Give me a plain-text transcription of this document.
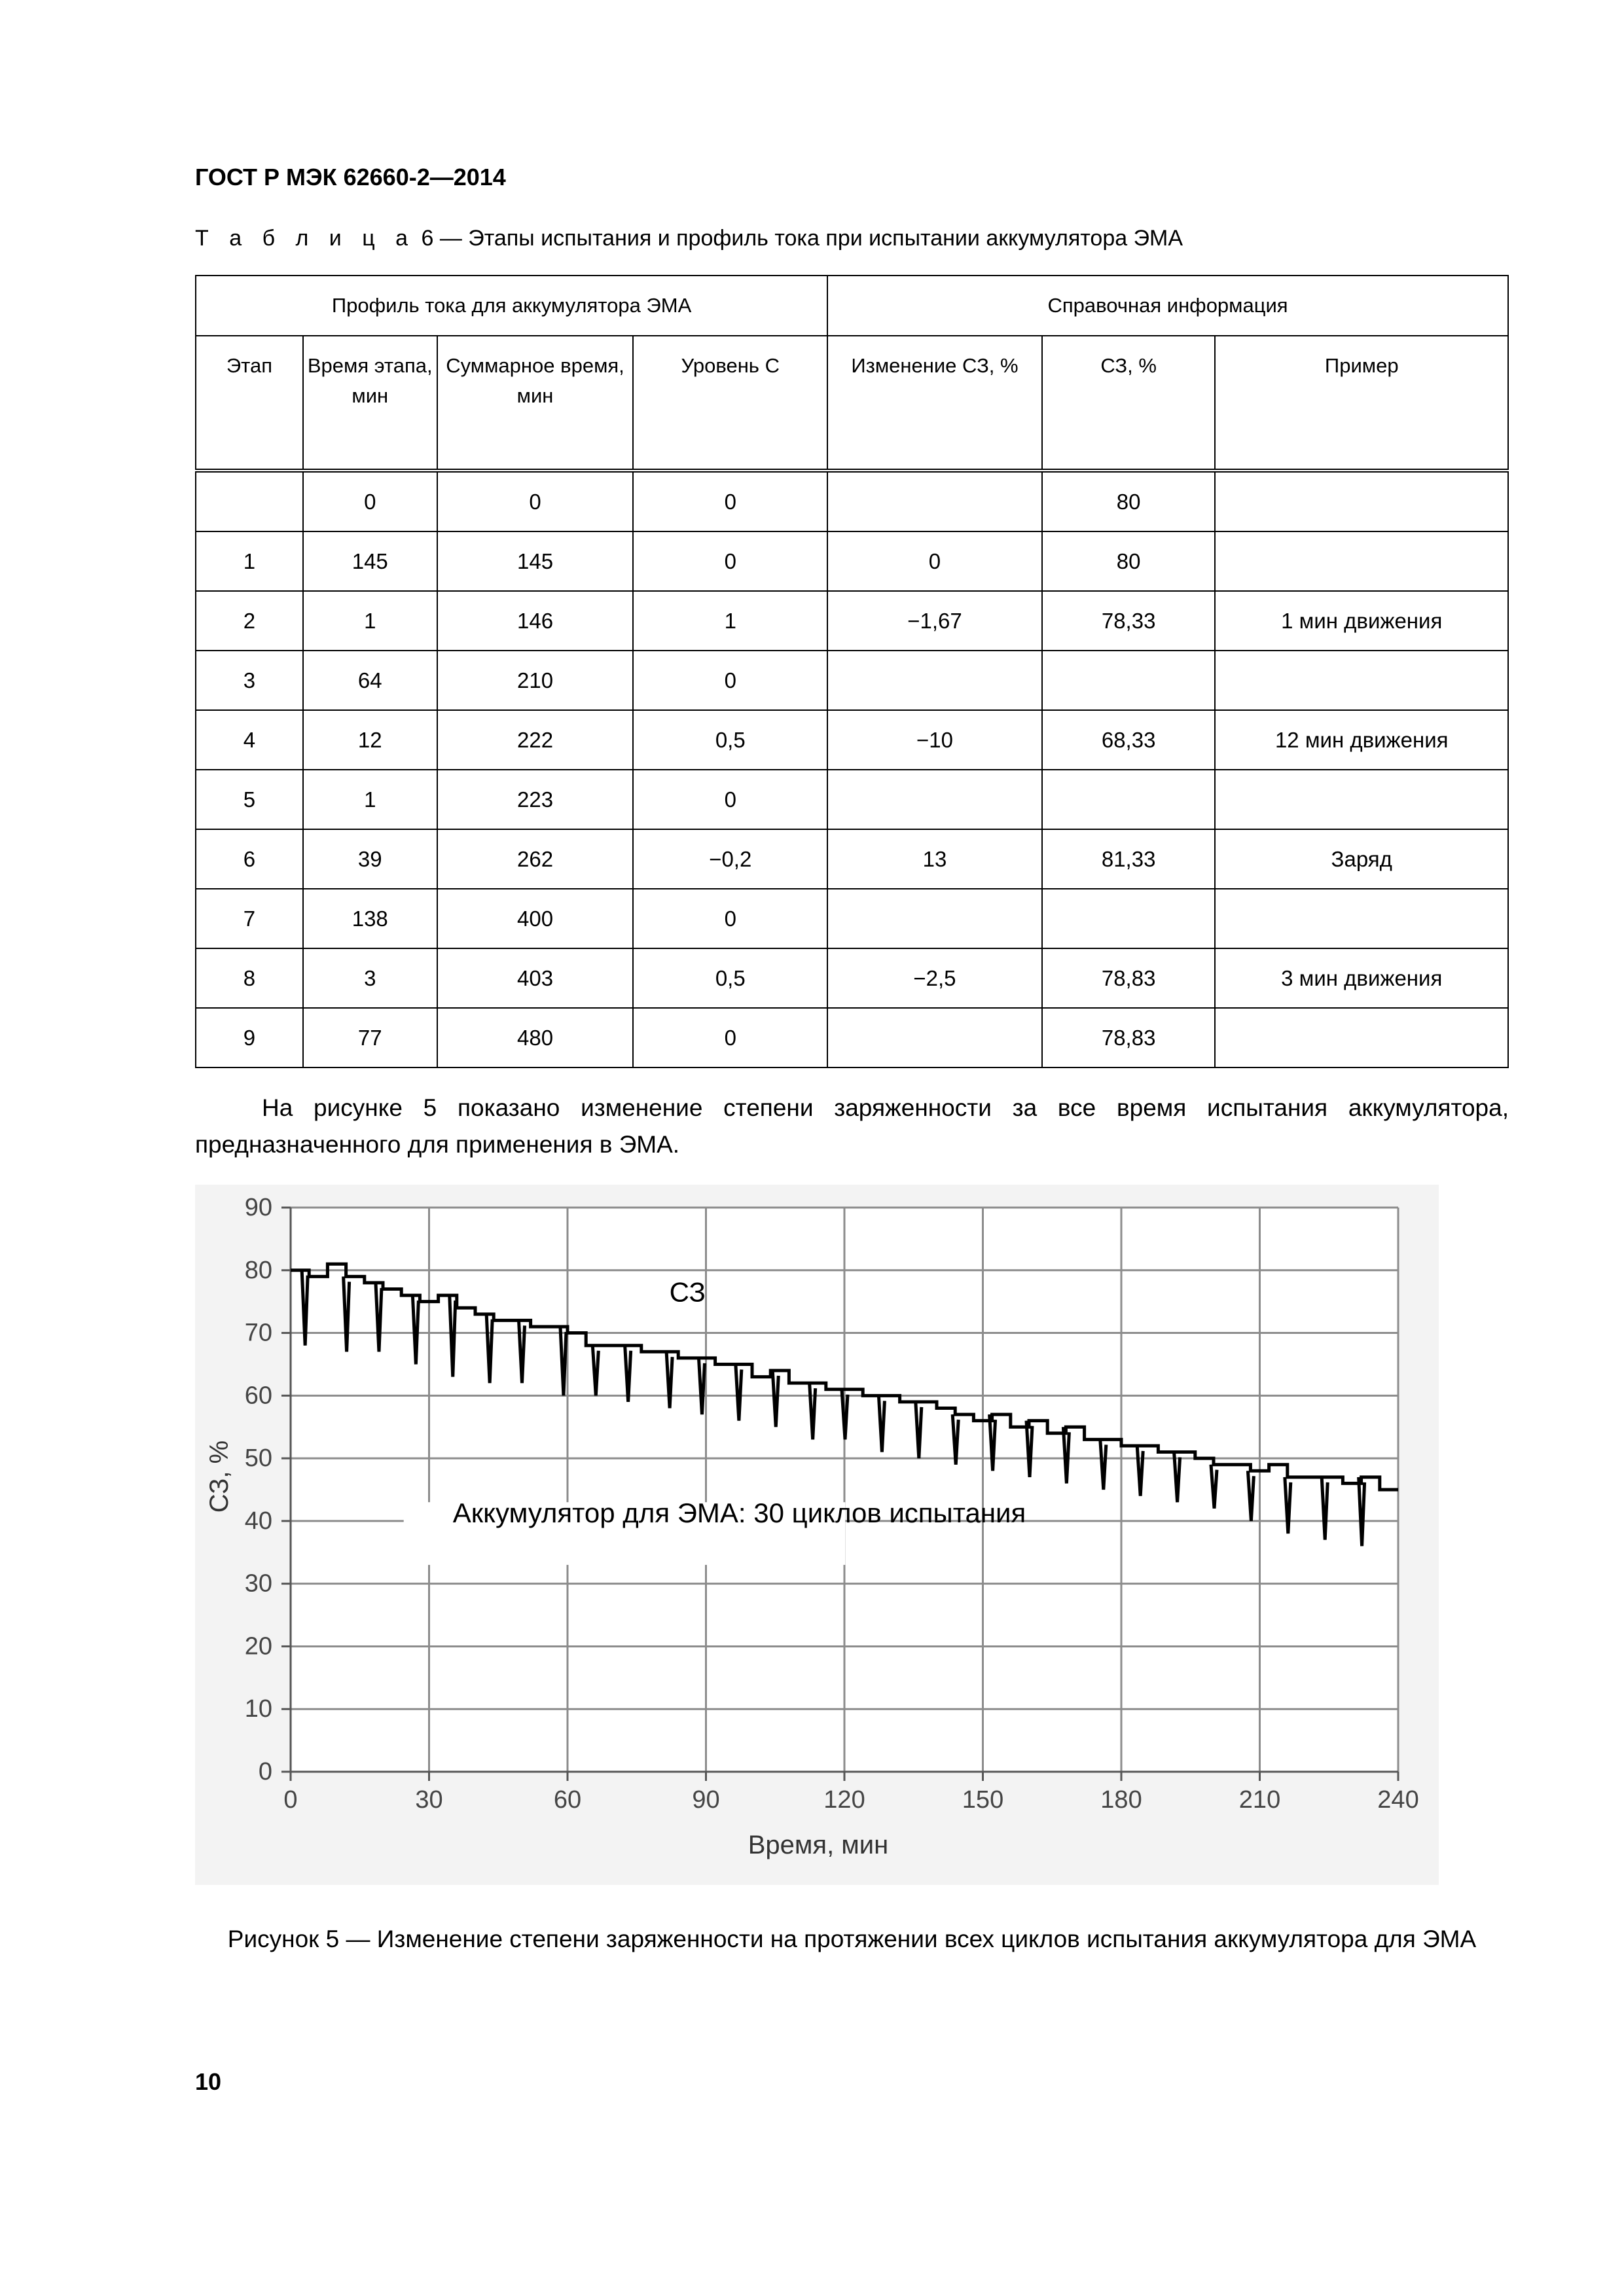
ГОСТ Р МЭК 62660-2—2014
Т а б л и ц а 6 — Этапы испытания и профиль тока при испытании аккумулятора ЭМА
Профиль тока для аккумулятора ЭМА				Справочная информация		
Этап	Время этапа, мин	Суммарное время, мин	Уровень С	Изменение СЗ, %	СЗ, %	Пример
	0	0	0		80	
1	145	145	0	0	80	
2	1	146	1	−1,67	78,33	1 мин движения
3	64	210	0			
4	12	222	0,5	−10	68,33	12 мин движения
5	1	223	0			
6	39	262	−0,2	13	81,33	Заряд
7	138	400	0			
8	3	403	0,5	−2,5	78,83	3 мин движения
9	77	480	0		78,83	
На рисунке 5 показано изменение степени заряженности за все время испытания аккумулятора, предназначенного для применения в ЭМА.
0
10
20
30
40
50
60
70
80
90
0	30	60	90	120	150	180	210	240
Время, мин
СЗ, %
СЗ
Аккумулятор для ЭМА: 30 циклов испытания
Рисунок 5 — Изменение степени заряженности на протяжении всех циклов испытания аккумулятора для ЭМА
10
